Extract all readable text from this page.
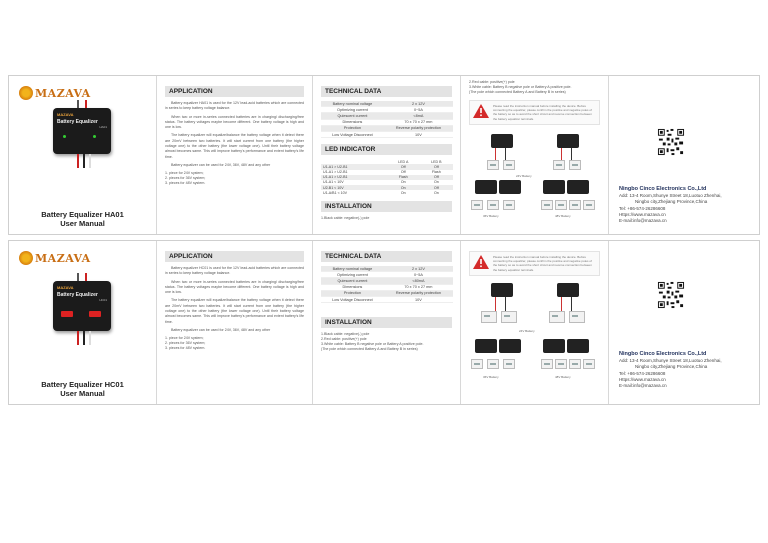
MAZAVA
MAZAVA
Battery Equalizer
HA01
Battery Equalizer HA01
User Manual
APPLICATION

Battery equalizer HA01 is used for the 12V lead-acid batteries which are connected in series to keep battery voltage balance.

When two or more in-series connected batteries are in charging/ discharging/free status. The battery voltages maybe become different. One battery voltage is high and one is low.

The battery equalizer will equalize/balance the battery voltage when it detect there are 20mV between two batteries. It will start current from one battery (the higher voltage one) to the other battery (the lower voltage one). Until their battery voltage almost becomes same. This will improve battery's performance and extent battery's life time.

Battery equalizer can be used for 24V, 36V, 48V and any other

1. piece for 24V system;
2. pieces for 36V system;
3. pieces for 48V system.
TECHNICAL DATA
Battery nominal voltage	2 x 12V
Optimizing current	0~5A
Quiescent current	<8mA
Dimensions	70 x 70 x 27 mm
Protection	Reverse polarity protection
Low Voltage Disconnect	10V
LED INDICATOR
	LED A	LED B
U1-A1 > U2-B1	Off	Off
U1-A1 > U2-B1	Off	Flash
U1-A1 > U2-B1	Flash	Off
U1-A1 < 10V	On	On
U2-B1 < 10V	On	Off
U1-A/B1 < 10V	On	On
INSTALLATION
1.Black cable: negative(-) pole
2.Red cable: positive(+) pole
3.White cable: Battery B negative pole or Battery A positive pole.
(The pole which connected Battery A and Battery B in series)
Please read the instruction manual before installing the device. Before connecting the equalizer, please confirm the positive and negative poles of the battery so as to avoid the short circuit and reverse connection between the battery equalizer terminals.
24V Battery
36V Battery	48V Battery
Ningbo Cinco Electronics Co.,Ltd
Add: 13-4 Room,Shunye Street 18,Luotuo Zhenhai,
Ningbo city,Zhejiang Province,China
Tel: +86-574-26286608
Https://www.mazava.cn
E-mail:info@mazava.cn
MAZAVA
MAZAVA
Battery Equalizer
HC01
Battery Equalizer HC01
User Manual
APPLICATION

Battery equalizer HC01 is used for the 12V lead-acid batteries which are connected in series to keep battery voltage balance.

When two or more in-series connected batteries are in charging/ discharging/free status. The battery voltages maybe become different. One battery voltage is high and one is low.

The battery equalizer will equalize/balance the battery voltage when it detect there are 20mV between two batteries. It will start current from one battery (the higher voltage one) to the other battery (the lower voltage one). Until their battery voltage almost becomes same. This will improve battery's performance and extent battery's life time.

Battery equalizer can be used for 24V, 36V, 48V and any other

1. piece for 24V system;
2. pieces for 36V system;
3. pieces for 48V system.
TECHNICAL DATA
Battery nominal voltage	2 x 12V
Optimizing current	0~5A
Quiescent current	<80mA
Dimensions	70 x 70 x 27 mm
Protection	Reverse polarity protection
Low Voltage Disconnect	10V
INSTALLATION
1.Black cable: negative(-) pole
2.Red cable: positive(+) pole
3.White cable: Battery B negative pole or Battery A positive pole.
(The pole which connected Battery A and Battery B in series)
Please read the instruction manual before installing the device. Before connecting the equalizer, please confirm the positive and negative poles of the battery so as to avoid the short circuit and reverse connection between the battery equalizer terminals.
24V Battery
36V Battery	48V Battery
Ningbo Cinco Electronics Co.,Ltd
Add: 13-4 Room,Shunye Street 18,Luotuo Zhenhai,
Ningbo city,Zhejiang Province,China
Tel: +86-574-26286608
Https://www.mazava.cn
E-mail:info@mazava.cn
